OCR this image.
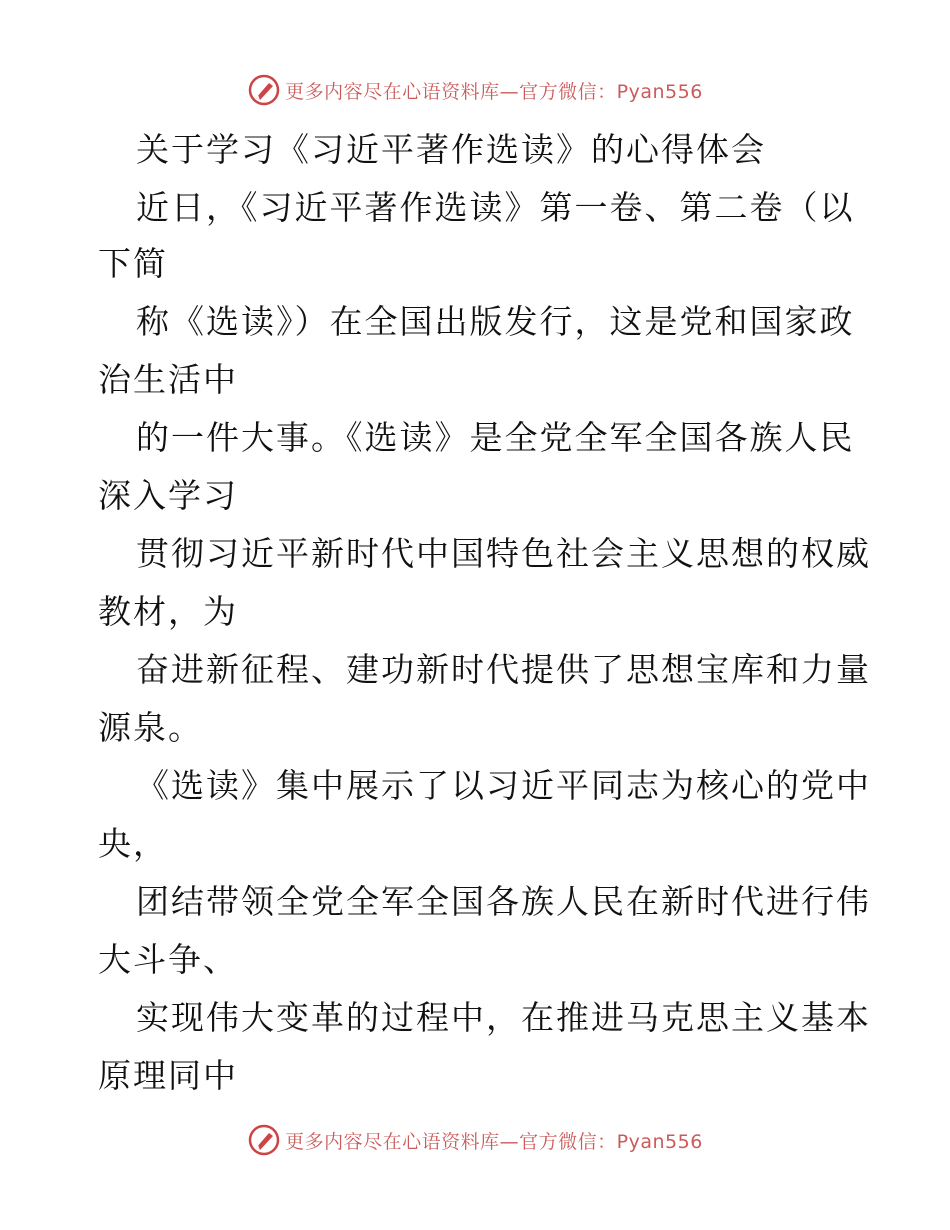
更多内容尽在心语资料库—官方微信：Pyan556
关于学习《习近平著作选读》的心得体会
近日，《习近平著作选读》第一卷、第二卷（以
下简
称《选读》）在全国出版发行，这是党和国家政
治生活中
的一件大事。《选读》是全党全军全国各族人民
深入学习
贯彻习近平新时代中国特色社会主义思想的权威
教材，为
奋进新征程、建功新时代提供了思想宝库和力量
源泉。
《选读》集中展示了以习近平同志为核心的党中
央，
团结带领全党全军全国各族人民在新时代进行伟
大斗争、
实现伟大变革的过程中，在推进马克思主义基本
原理同中
更多内容尽在心语资料库—官方微信：Pyan556
